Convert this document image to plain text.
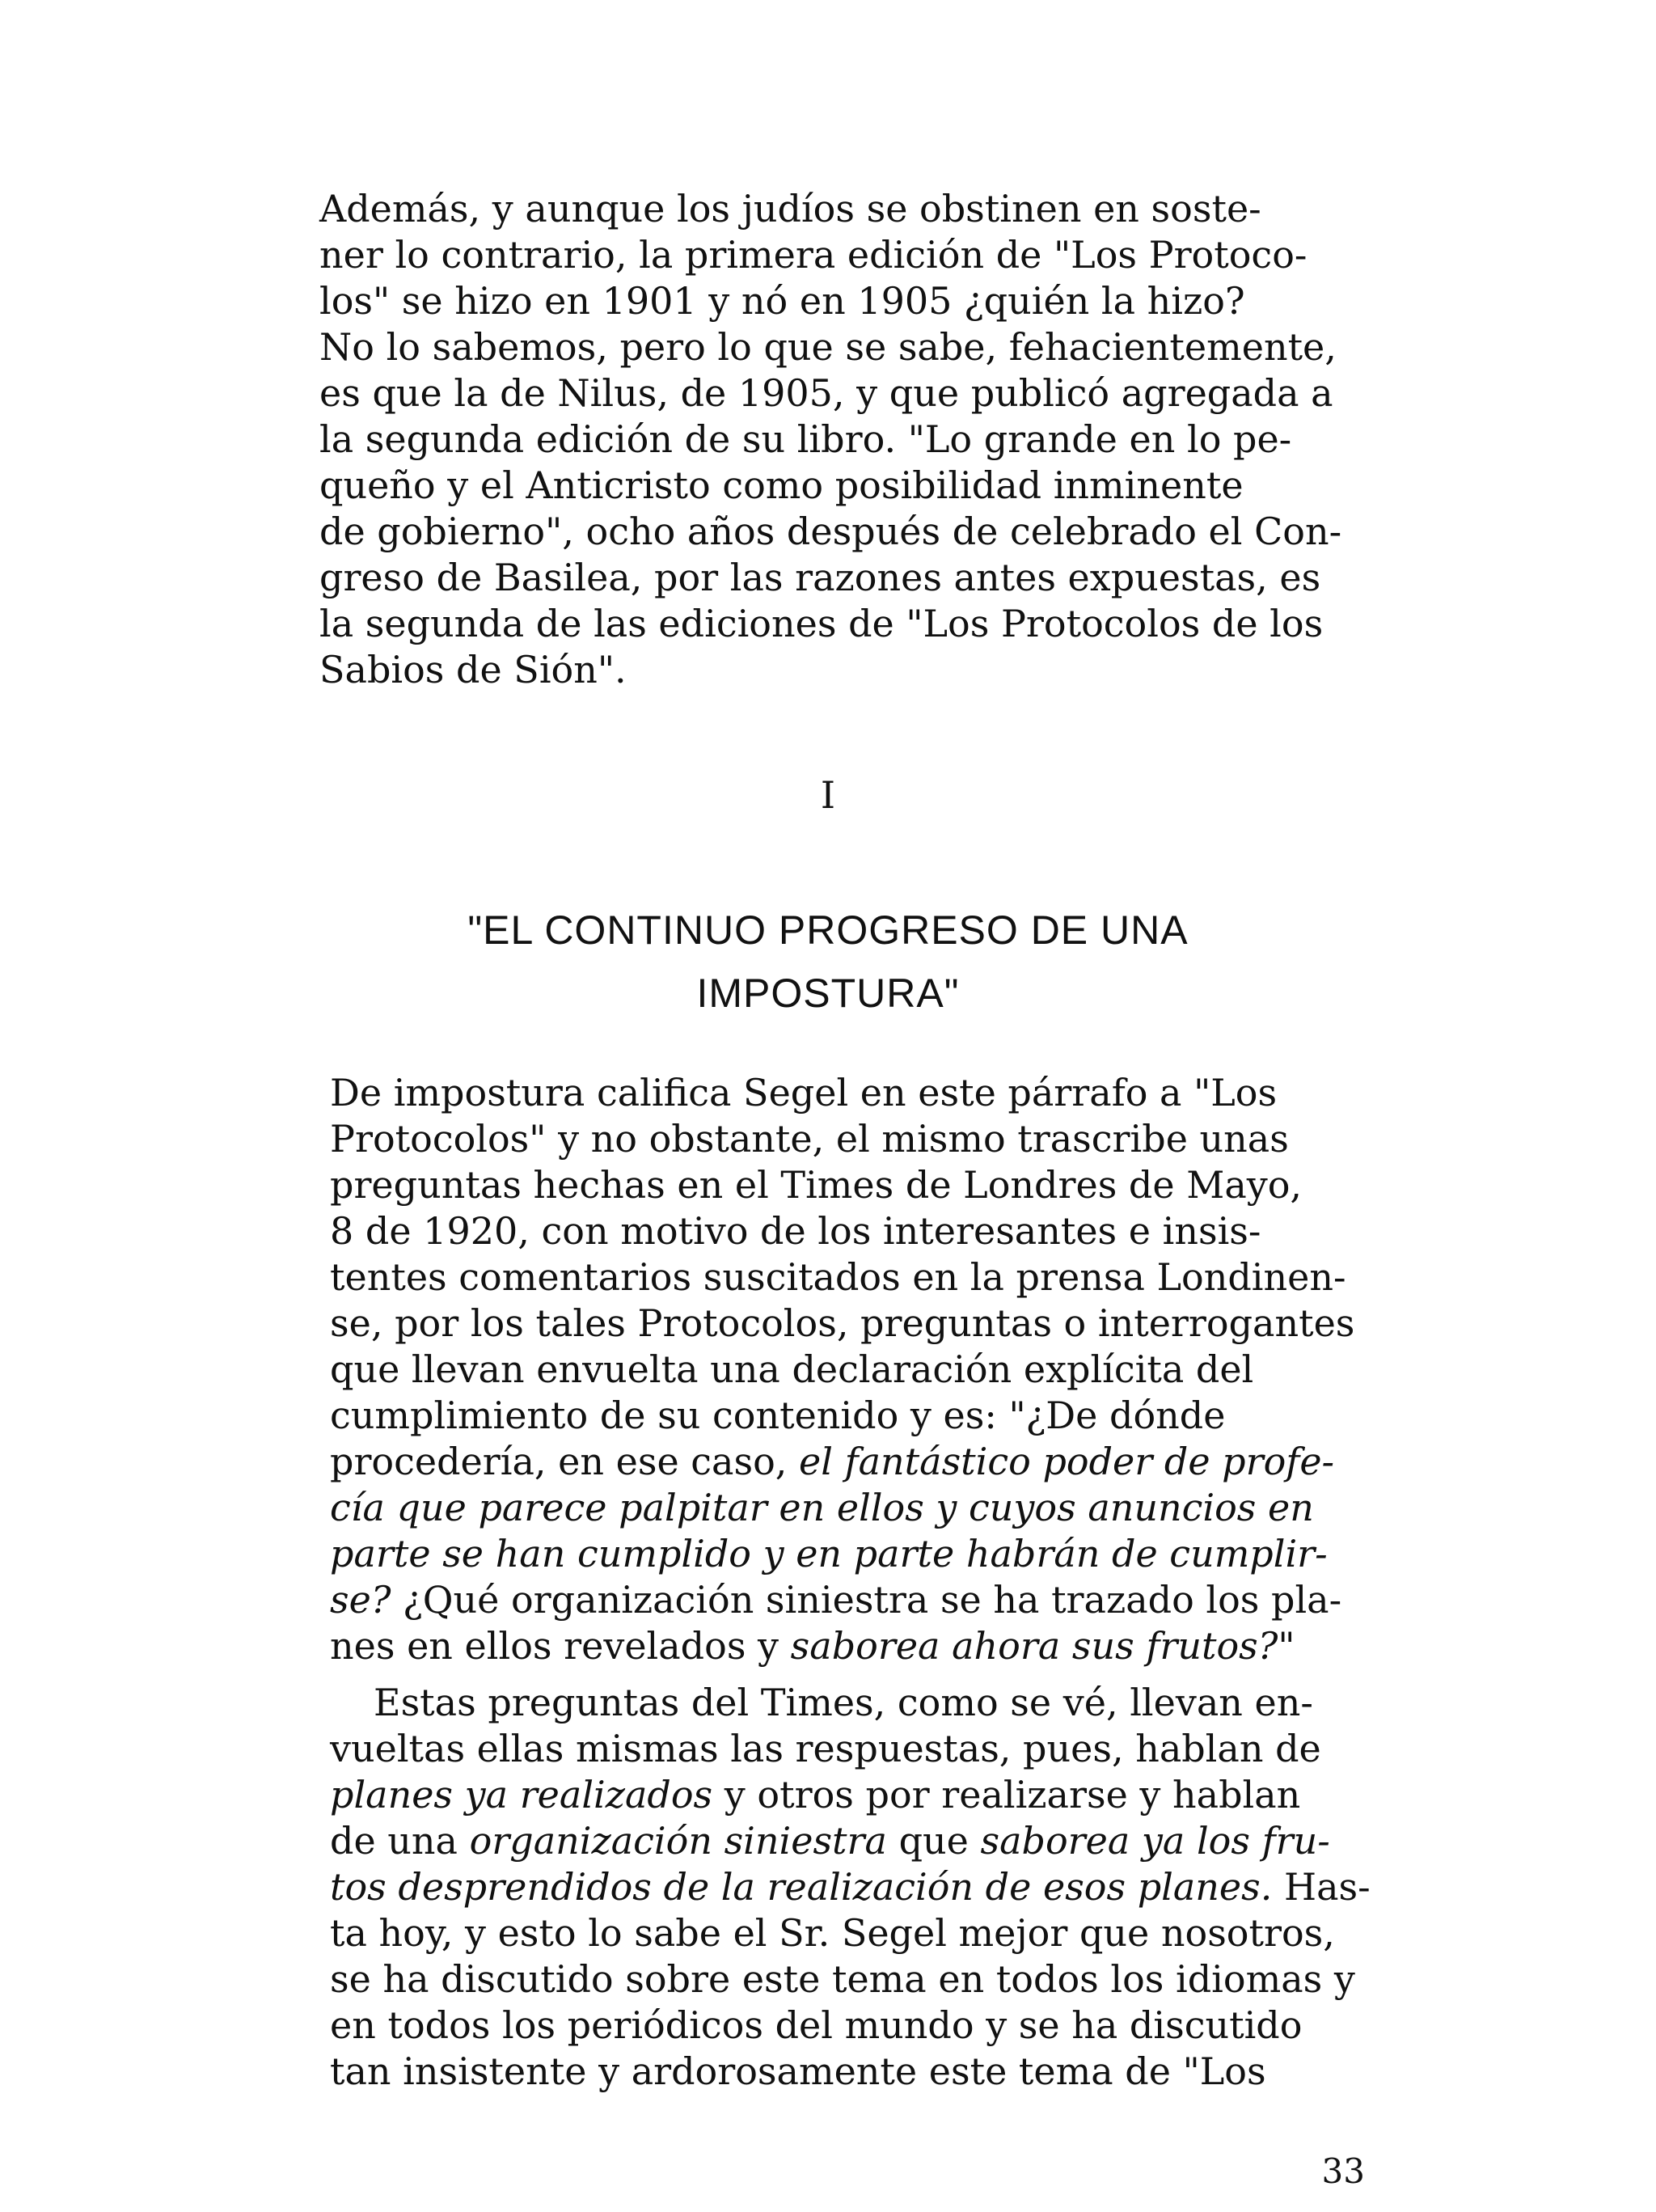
Además, y aunque los judíos se obstinen en soste-
ner lo contrario, la primera edición de "Los Protoco-
los" se hizo en 1901 y nó en 1905 ¿quién la hizo?
No lo sabemos, pero lo que se sabe, fehacientemente,
es que la de Nilus, de 1905, y que publicó agregada a
la segunda edición de su libro. "Lo grande en lo pe-
queño y el Anticristo como posibilidad inminente
de gobierno", ocho años después de celebrado el Con-
greso de Basilea, por las razones antes expuestas, es
la segunda de las ediciones de "Los Protocolos de los
Sabios de Sión".
I
"EL CONTINUO PROGRESO DE UNA
IMPOSTURA"
De impostura califica Segel en este párrafo a "Los
Protocolos" y no obstante, el mismo trascribe unas
preguntas hechas en el Times de Londres de Mayo,
8 de 1920, con motivo de los interesantes e insis-
tentes comentarios suscitados en la prensa Londinen-
se, por los tales Protocolos, preguntas o interrogantes
que llevan envuelta una declaración explícita del
cumplimiento de su contenido y es: "¿De dónde
procedería, en ese caso, el fantástico poder de profe-
cía que parece palpitar en ellos y cuyos anuncios en
parte se han cumplido y en parte habrán de cumplir-
se? ¿Qué organización siniestra se ha trazado los pla-
nes en ellos revelados y saborea ahora sus frutos?"
Estas preguntas del Times, como se vé, llevan en-
vueltas ellas mismas las respuestas, pues, hablan de
planes ya realizados y otros por realizarse y hablan
de una organización siniestra que saborea ya los fru-
tos desprendidos de la realización de esos planes. Has-
ta hoy, y esto lo sabe el Sr. Segel mejor que nosotros,
se ha discutido sobre este tema en todos los idiomas y
en todos los periódicos del mundo y se ha discutido
tan insistente y ardorosamente este tema de "Los
33
